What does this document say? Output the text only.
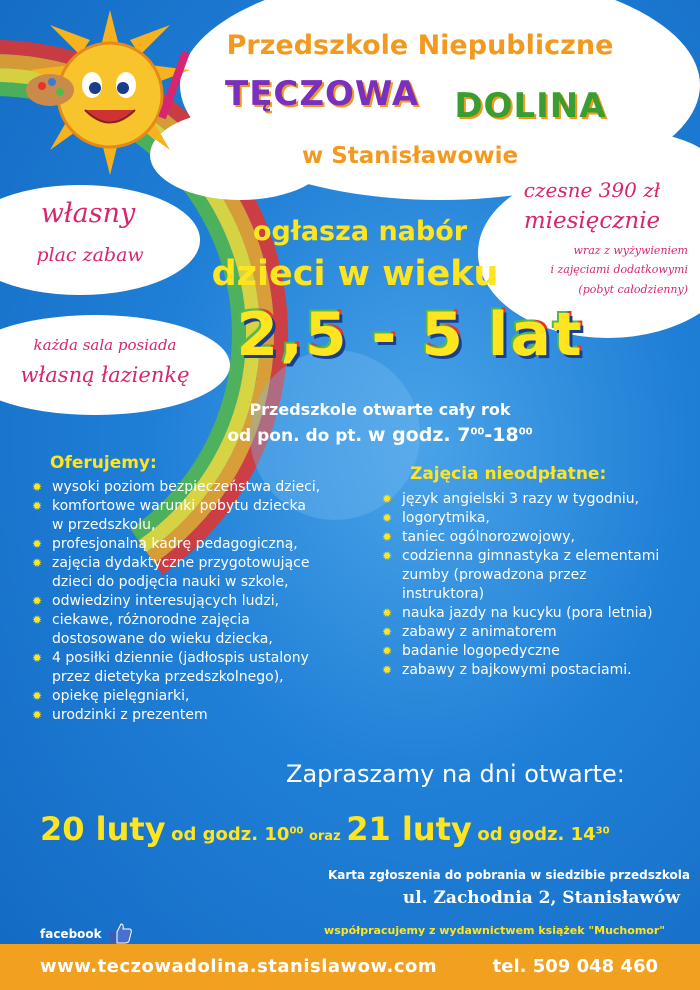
Przedszkole Niepubliczne
TĘCZOWA DOLINA
w Stanisławowie
własny
plac zabaw
czesne 390 zł
miesięcznie
wraz z wyżywieniem
i zajęciami dodatkowymi
(pobyt całodzienny)
każda sala posiada
własną łazienkę
ogłasza nabór
dzieci w wieku
2,5 - 5 lat
Przedszkole otwarte cały rok
od pon. do pt. w godz. $7^{00}-18^{00}$
Oferujemy:
✹ wysoki poziom bezpieczeństwa dzieci,
✹ komfortowe warunki pobytu dziecka
w przedszkolu,
✹ profesjonalną kadrę pedagogiczną,
✹ zajęcia dydaktyczne przygotowujące
dzieci do podjęcia nauki w szkole,
✹ odwiedziny interesujących ludzi,
✹ ciekawe, różnorodne zajęcia
dostosowane do wieku dziecka,
✹ 4 posiłki dziennie (jadłospis ustalony
przez dietetyka przedszkolnego),
✹ opiekę pielęgniarki,
✹ urodzinki z prezentem
Zajęcia nieodpłatne:
✹ język angielski 3 razy w tygodniu,
✹ logorytmika,
✹ taniec ogólnorozwojowy,
✹ codzienna gimnastyka z elementami
zumby (prowadzona przez
instruktora)
✹ nauka jazdy na kucyku (pora letnia)
✹ zabawy z animatorem
✹ badanie logopedyczne
✹ zabawy z bajkowymi postaciami.
Zapraszamy na dni otwarte:
20 luty od godz. $10^{00}$ oraz 21 luty od godz. $14^{30}$
Karta zgłoszenia do pobrania w siedzibie przedszkola
ul. Zachodnia 2, Stanisławów
współpracujemy z wydawnictwem książek "Muchomor"
facebook
www.teczowadolina.stanislawow.com	tel. 509 048 460
